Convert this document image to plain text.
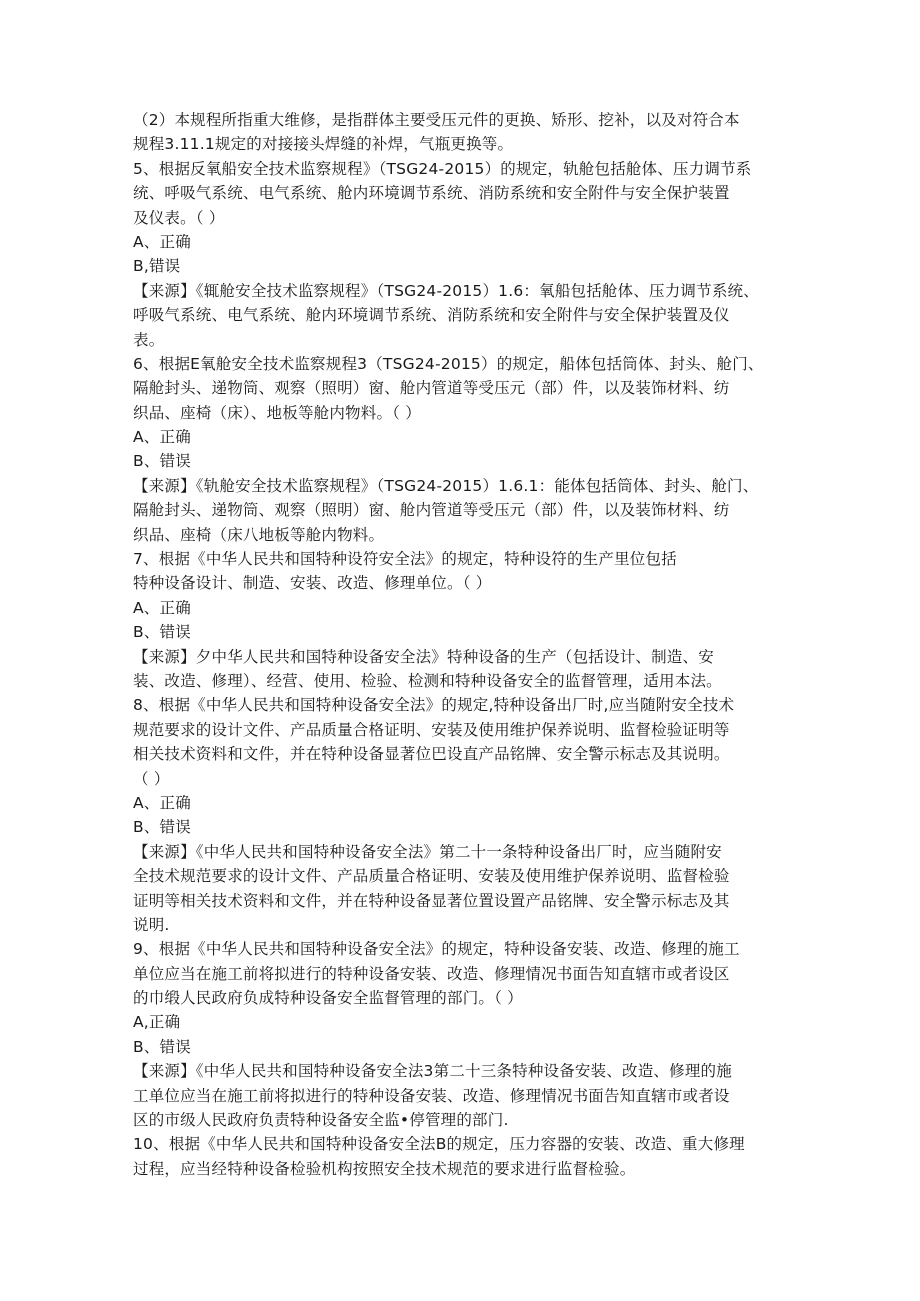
（2）本规程所指重大维修，是指群体主要受压元件的更换、矫形、挖补，以及对符合本
规程3.11.1规定的对接接头焊缝的补焊，气瓶更换等。
5、根据反氧船安全技术监察规程》（TSG24-2015）的规定，轨舱包括舱体、压力调节系
统、呼吸气系统、电气系统、舱内环境调节系统、消防系统和安全附件与安全保护装置
及仪表。（ ）
A、正确
B,错误
【来源】《辄舱安全技术监察规程》（TSG24-2015）1.6：氧船包括舱体、压力调节系统、
呼吸气系统、电气系统、舱内环境调节系统、消防系统和安全附件与安全保护装置及仪
表。
6、根据E氧舱安全技术监察规程3（TSG24-2015）的规定，船体包括筒体、封头、舱门、
隔舱封头、递物筒、观察（照明）窗、舱内管道等受压元（部）件，以及装饰材料、纺
织品、座椅（床）、地板等舱内物料。（ ）
A、正确
B、错误
【来源】《轨舱安全技术监察规程》（TSG24-2015）1.6.1：能体包括筒体、封头、舱门、
隔舱封头、递物筒、观察（照明）窗、舱内管道等受压元（部）件，以及装饰材料、纺
织品、座椅（床八地板等舱内物料。
7、根据《中华人民共和国特种设符安全法》的规定，特种设符的生产里位包括
特种设备设计、制造、安装、改造、修理单位。（ ）
A、正确
B、错误
【来源】夕中华人民共和国特种设备安全法》特种设备的生产（包括设计、制造、安
装、改造、修理）、经营、使用、检验、检测和特种设备安全的监督管理，适用本法。
8、根据《中华人民共和国特种设备安全法》的规定,特种设备出厂时,应当随附安全技术
规范要求的设计文件、产品质量合格证明、安装及使用维护保养说明、监督检验证明等
相关技术资料和文件，并在特种设备显著位巴设直产品铭牌、安全警示标志及其说明。
（ ）
A、正确
B、错误
【来源】《中华人民共和国特种设备安全法》第二十一条特种设备出厂时，应当随附安
全技术规范要求的设计文件、产品质量合格证明、安装及使用维护保养说明、监督检验
证明等相关技术资料和文件，并在特种设备显著位置设置产品铭牌、安全警示标志及其
说明.
9、根据《中华人民共和国特种设备安全法》的规定，特种设备安装、改造、修理的施工
单位应当在施工前将拟进行的特种设备安装、改造、修理情况书面告知直辖市或者设区
的巾缎人民政府负成特种设备安全监督管理的部门。（ ）
A,正确
B、错误
【来源】《中华人民共和国特种设备安全法3第二十三条特种设备安装、改造、修理的施
工单位应当在施工前将拟进行的特种设备安装、改造、修理情况书面告知直辖市或者设
区的市级人民政府负责特种设备安全监•停管理的部门.
10、根据《中华人民共和国特种设备安全法B的规定，压力容器的安装、改造、重大修理
过程，应当经特种设备检验机构按照安全技术规范的要求进行监督检验。
